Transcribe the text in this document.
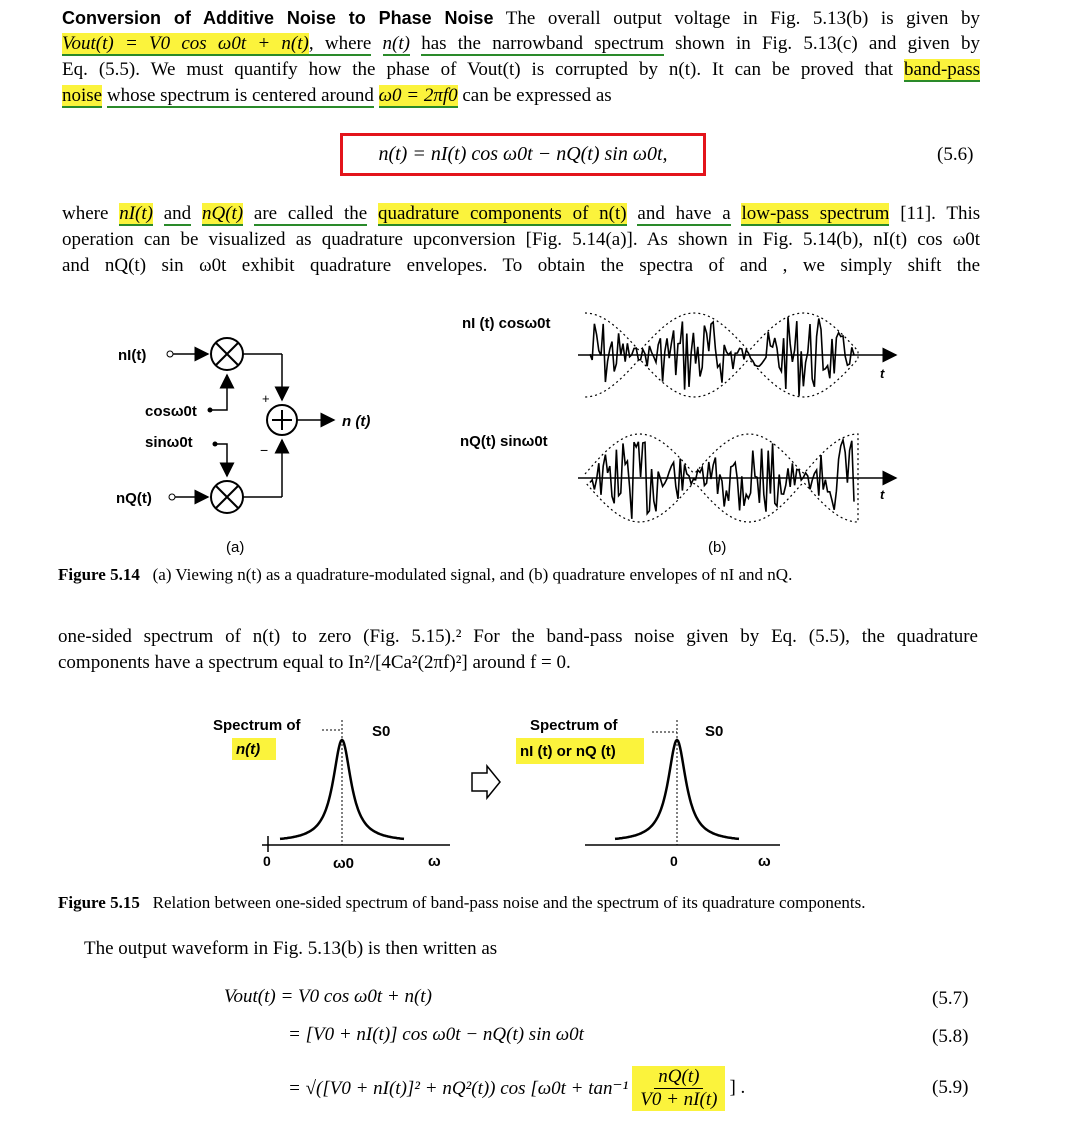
Conversion of Additive Noise to Phase Noise The overall output voltage in Fig. 5.13(b) is given by
Vout(t) = V0 cos ω0t + n(t), where n(t) has the narrowband spectrum shown in Fig. 5.13(c) and given by
Eq. (5.5). We must quantify how the phase of Vout(t) is corrupted by n(t). It can be proved that band-pass
noise whose spectrum is centered around ω0 = 2πf0 can be expressed as
n(t) = nI(t) cos ω0t − nQ(t) sin ω0t,	(5.6)
where nI(t) and nQ(t) are called the quadrature components of n(t) and have a low-pass spectrum [11]. This
operation can be visualized as quadrature upconversion [Fig. 5.14(a)]. As shown in Fig. 5.14(b), nI(t) cos ω0t
and nQ(t) sin ω0t exhibit quadrature envelopes. To obtain the spectra of and , we simply shift the
nI(t)
cosω0t
sinω0t
+
−
n (t)
nQ(t)
(a)
nI (t) cosω0t
t
nQ(t) sinω0t
t
(b)
Figure 5.14 (a) Viewing n(t) as a quadrature-modulated signal, and (b) quadrature envelopes of nI and nQ.
one-sided spectrum of n(t) to zero (Fig. 5.15).² For the band-pass noise given by Eq. (5.5), the quadrature
components have a spectrum equal to In²/[4Ca²(2πf)²] around f = 0.
Spectrum of
n(t)
S0
0	ω0	ω
Spectrum of
nI (t) or nQ (t)
S0
0	ω
Figure 5.15 Relation between one-sided spectrum of band-pass noise and the spectrum of its quadrature components.
The output waveform in Fig. 5.13(b) is then written as
Vout(t) = V0 cos ω0t + n(t)	(5.7)
= [V0 + nI(t)] cos ω0t − nQ(t) sin ω0t	(5.8)
= √([V0 + nI(t)]² + nQ²(t)) cos [ω0t + tan⁻¹
nQ(t)
V0 + nI(t)
] .	(5.9)
